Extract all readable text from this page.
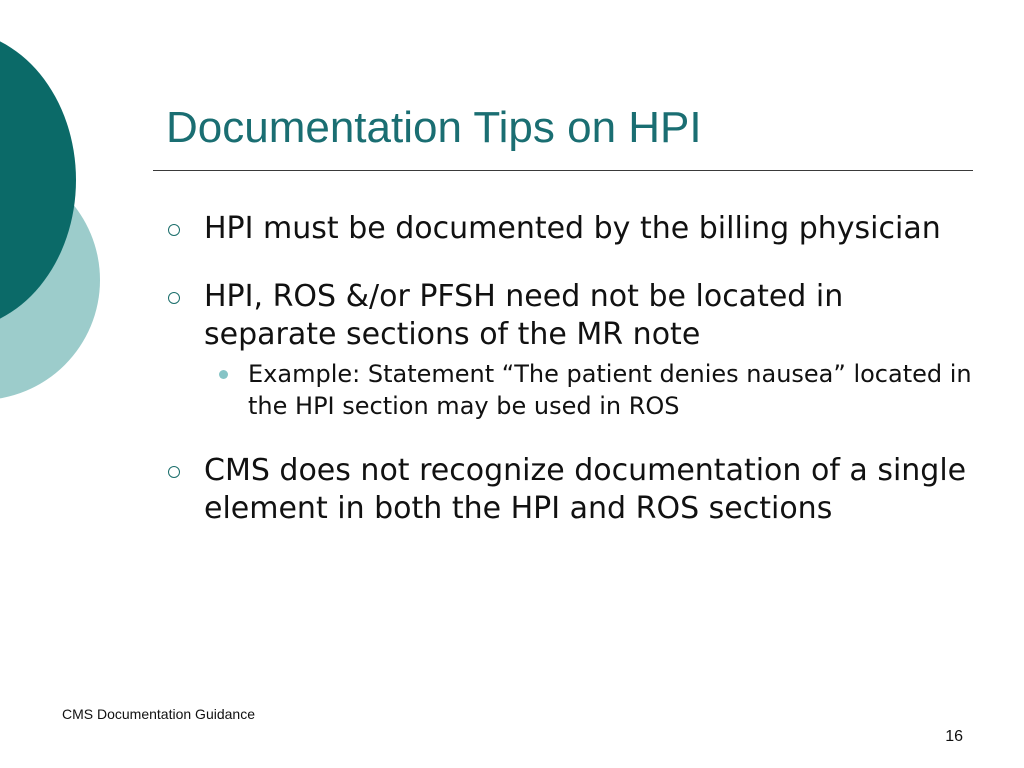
Documentation Tips on HPI
HPI must be documented by the billing physician
HPI, ROS &/or PFSH need not be located in separate sections of the MR note
Example: Statement “The patient denies nausea” located in the HPI section may be used in ROS
CMS does not recognize documentation of a single element in both the HPI and ROS sections
CMS Documentation Guidance
16
